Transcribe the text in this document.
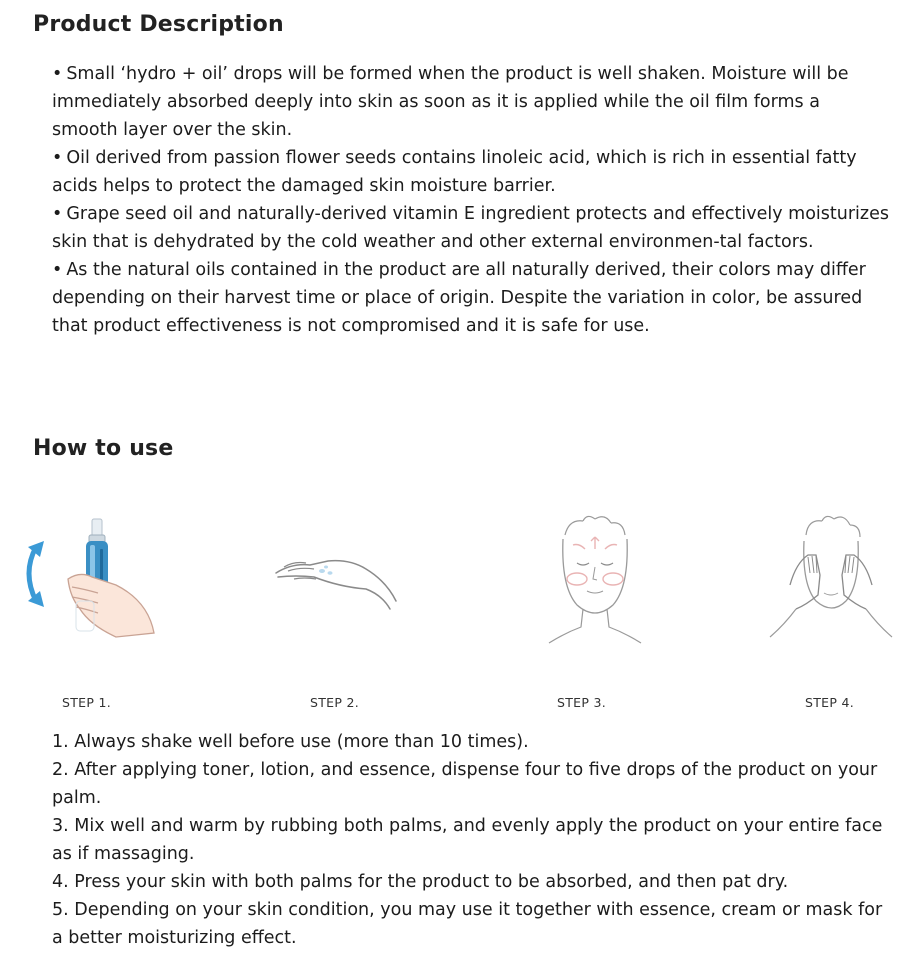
Product Description

• Small ‘hydro + oil’ drops will be formed when the product is well shaken. Moisture will be immediately absorbed deeply into skin as soon as it is applied while the oil film forms a smooth layer over the skin.

• Oil derived from passion flower seeds contains linoleic acid, which is rich in essential fatty acids helps to protect the damaged skin moisture barrier.

• Grape seed oil and naturally-derived vitamin E ingredient protects and effectively moisturizes skin that is dehydrated by the cold weather and other external environmen-tal factors.

• As the natural oils contained in the product are all naturally derived, their colors may differ depending on their harvest time or place of origin. Despite the variation in color, be assured that product effectiveness is not compromised and it is safe for use.

How to use
STEP 1.	STEP 2.	STEP 3.	STEP 4.

1. Always shake well before use (more than 10 times).

2. After applying toner, lotion, and essence, dispense four to five drops of the product on your palm.

3. Mix well and warm by rubbing both palms, and evenly apply the product on your entire face as if massaging.

4. Press your skin with both palms for the product to be absorbed, and then pat dry.

5. Depending on your skin condition, you may use it together with essence, cream or mask for a better moisturizing effect.
